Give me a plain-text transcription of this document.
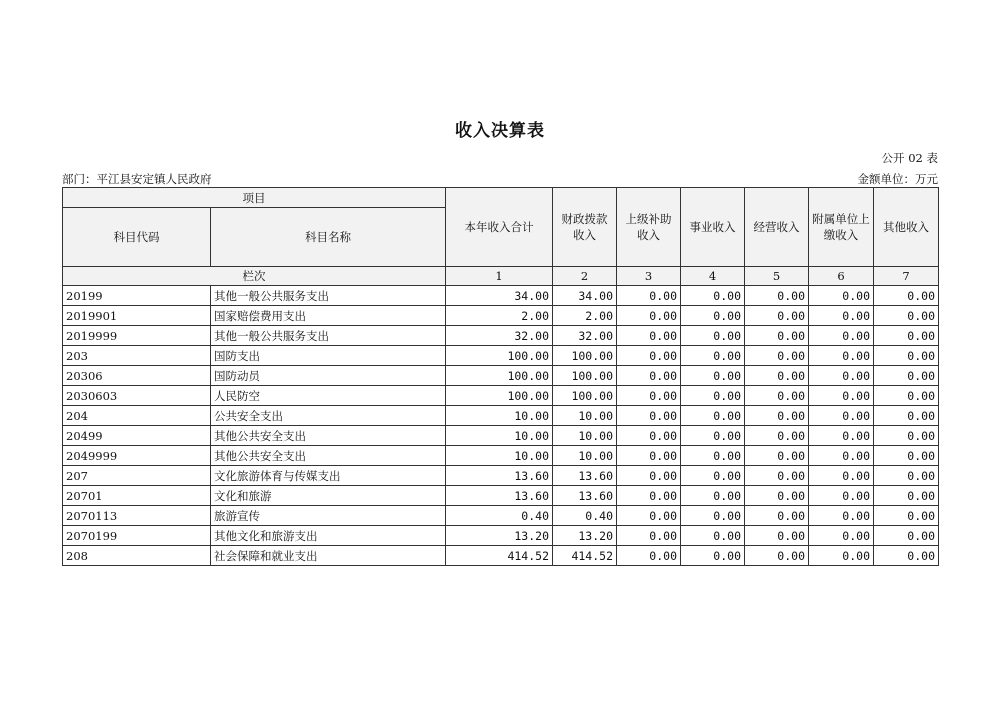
收入决算表
公开 02 表
部门：平江县安定镇人民政府	金额单位：万元
项目		本年收入合计	财政拨款收入	上级补助收入	事业收入	经营收入	附属单位上缴收入	其他收入
科目代码	科目名称							
栏次		1	2	3	4	5	6	7
20199	其他一般公共服务支出	34.00	34.00	0.00	0.00	0.00	0.00	0.00
2019901	国家赔偿费用支出	2.00	2.00	0.00	0.00	0.00	0.00	0.00
2019999	其他一般公共服务支出	32.00	32.00	0.00	0.00	0.00	0.00	0.00
203	国防支出	100.00	100.00	0.00	0.00	0.00	0.00	0.00
20306	国防动员	100.00	100.00	0.00	0.00	0.00	0.00	0.00
2030603	人民防空	100.00	100.00	0.00	0.00	0.00	0.00	0.00
204	公共安全支出	10.00	10.00	0.00	0.00	0.00	0.00	0.00
20499	其他公共安全支出	10.00	10.00	0.00	0.00	0.00	0.00	0.00
2049999	其他公共安全支出	10.00	10.00	0.00	0.00	0.00	0.00	0.00
207	文化旅游体育与传媒支出	13.60	13.60	0.00	0.00	0.00	0.00	0.00
20701	文化和旅游	13.60	13.60	0.00	0.00	0.00	0.00	0.00
2070113	旅游宣传	0.40	0.40	0.00	0.00	0.00	0.00	0.00
2070199	其他文化和旅游支出	13.20	13.20	0.00	0.00	0.00	0.00	0.00
208	社会保障和就业支出	414.52	414.52	0.00	0.00	0.00	0.00	0.00
